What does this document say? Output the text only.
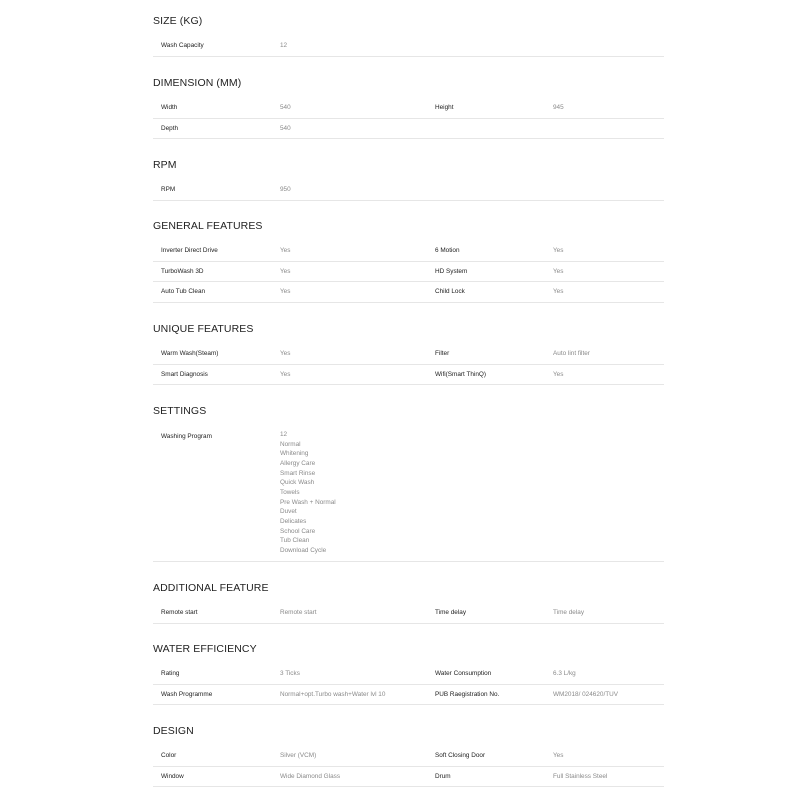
SIZE (KG)
Wash Capacity	12
DIMENSION (MM)
Width	540	Height	945
Depth	540
RPM
RPM	950
GENERAL FEATURES
Inverter Direct Drive	Yes	6 Motion	Yes
TurboWash 3D	Yes	HD System	Yes
Auto Tub Clean	Yes	Child Lock	Yes
UNIQUE FEATURES
Warm Wash(Steam)	Yes	Filter	Auto lint filter
Smart Diagnosis	Yes	Wifi(Smart ThinQ)	Yes
SETTINGS
Washing Program	12
Normal
Whitening
Allergy Care
Smart Rinse
Quick Wash
Towels
Pre Wash + Normal
Duvet
Delicates
School Care
Tub Clean
Download Cycle
ADDITIONAL FEATURE
Remote start	Remote start	Time delay	Time delay
WATER EFFICIENCY
Rating	3 Ticks	Water Consumption	6.3 L/kg
Wash Programme	Normal+opt.Turbo wash+Water lvl 10	PUB Raegistration No.	WM2018/ 024620/TUV
DESIGN
Color	Silver (VCM)	Soft Closing Door	Yes
Window	Wide Diamond Glass	Drum	Full Stainless Steel
